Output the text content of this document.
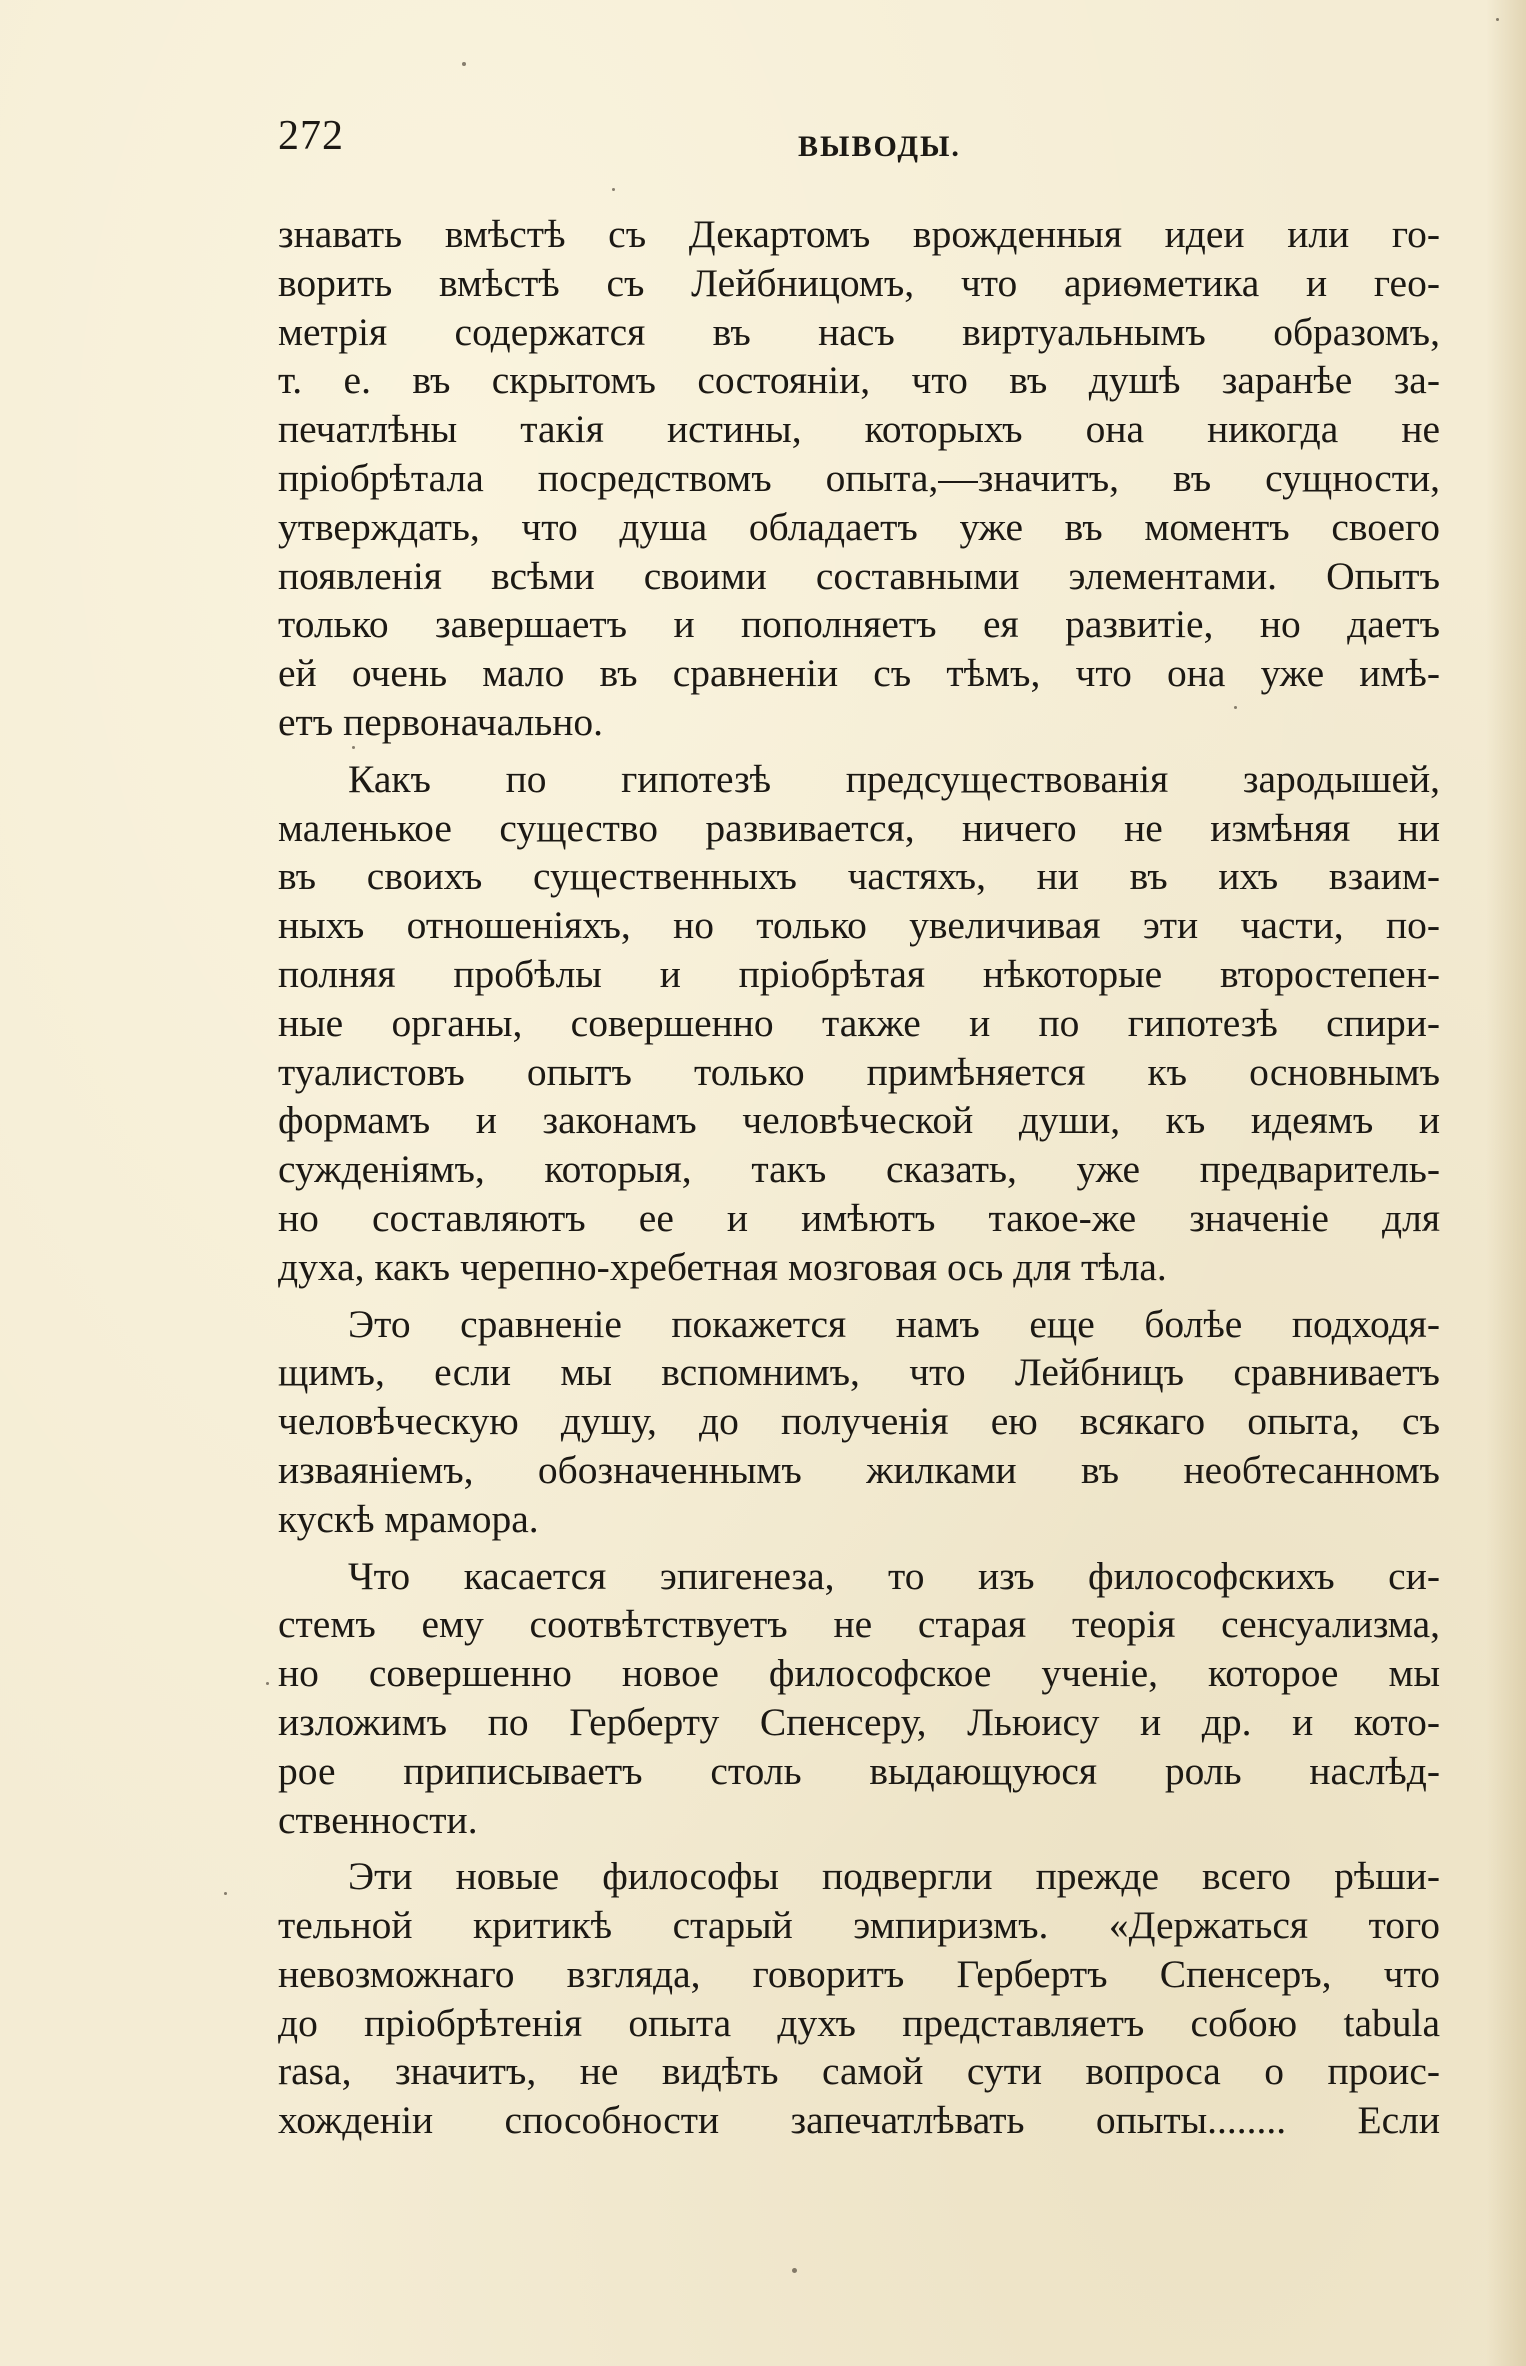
272	ВЫВОДЫ.
знавать вмѣстѣ съ Декартомъ врожденныя идеи или го-
ворить вмѣстѣ съ Лейбницомъ, что ариѳметика и гео-
метрія содержатся въ насъ виртуальнымъ образомъ,
т. е. въ скрытомъ состояніи, что въ душѣ заранѣе за-
печатлѣны такія истины, которыхъ она никогда не
пріобрѣтала посредствомъ опыта,—значитъ, въ сущности,
утверждать, что душа обладаетъ уже въ моментъ своего
появленія всѣми своими составными элементами. Опытъ
только завершаетъ и пополняетъ ея развитіе, но даетъ
ей очень мало въ сравненіи съ тѣмъ, что она уже имѣ-
етъ первоначально.
Какъ по гипотезѣ предсуществованія зародышей,
маленькое существо развивается, ничего не измѣняя ни
въ своихъ существенныхъ частяхъ, ни въ ихъ взаим-
ныхъ отношеніяхъ, но только увеличивая эти части, по-
полняя пробѣлы и пріобрѣтая нѣкоторые второстепен-
ные органы, совершенно также и по гипотезѣ спири-
туалистовъ опытъ только примѣняется къ основнымъ
формамъ и законамъ человѣческой души, къ идеямъ и
сужденіямъ, которыя, такъ сказать, уже предваритель-
но составляютъ ее и имѣютъ такое-же значеніе для
духа, какъ черепно-хребетная мозговая ось для тѣла.
Это сравненіе покажется намъ еще болѣе подходя-
щимъ, если мы вспомнимъ, что Лейбницъ сравниваетъ
человѣческую душу, до полученія ею всякаго опыта, съ
изваяніемъ, обозначеннымъ жилками въ необтесанномъ
кускѣ мрамора.
Что касается эпигенеза, то изъ философскихъ си-
стемъ ему соотвѣтствуетъ не старая теорія сенсуализма,
но совершенно новое философское ученіе, которое мы
изложимъ по Герберту Спенсеру, Льюису и др. и кото-
рое приписываетъ столь выдающуюся роль наслѣд-
ственности.
Эти новые философы подвергли прежде всего рѣши-
тельной критикѣ старый эмпиризмъ. «Держаться того
невозможнаго взгляда, говоритъ Гербертъ Спенсеръ, что
до пріобрѣтенія опыта духъ представляетъ собою tabula
rasa, значитъ, не видѣть самой сути вопроса о проис-
хожденіи способности запечатлѣвать опыты........ Если
